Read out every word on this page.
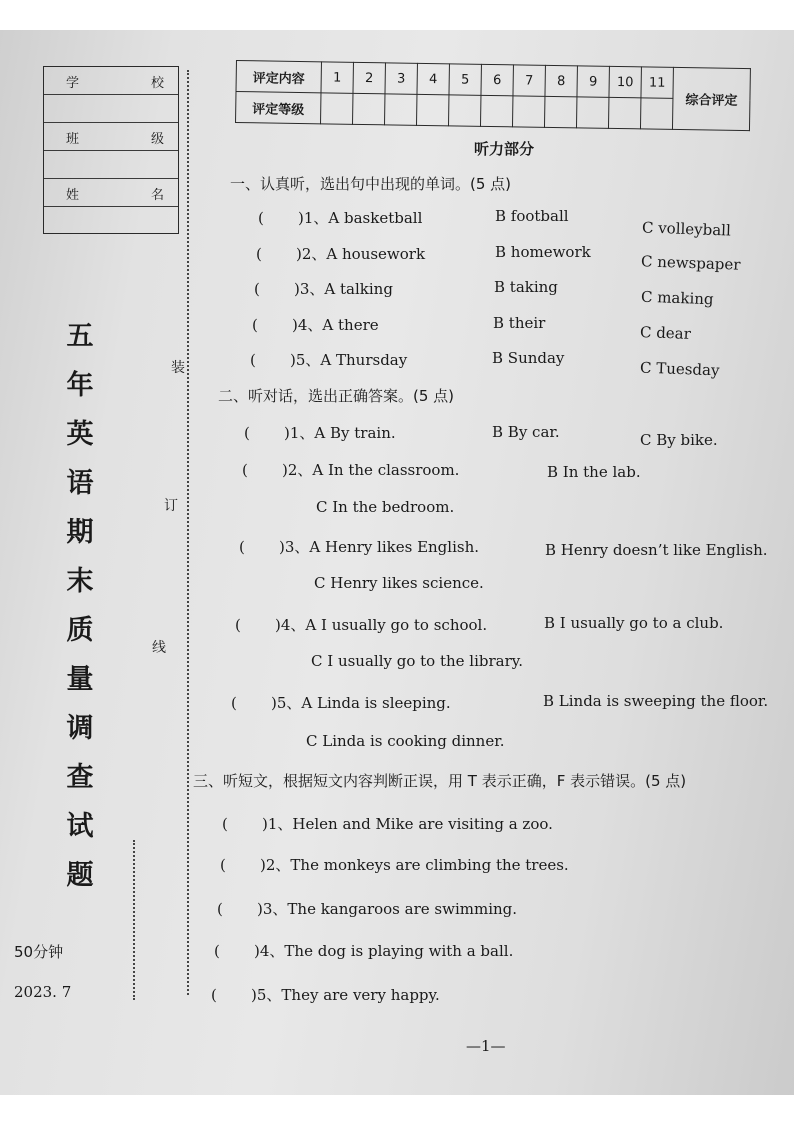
学	校
班	级
姓	名
五
年
英
语
期
末
质
量
调
查
试
题
50分钟
2023. 7
装
订
线
评定内容	1	2	3	4	5	6	7	8	9	10	11	综合评定
评定等级												
听力部分
一、认真听，选出句中出现的单词。(5 点)
( )1、A basketball	B football
C volleyball
( )2、A housework	B homework
C newspaper
( )3、A talking	B taking
C making
( )4、A there	B their
C dear
( )5、A Thursday	B Sunday
C Tuesday
二、听对话，选出正确答案。(5 点)
( )1、A By train.	B By car.	C By bike.
( )2、A In the classroom.	B In the lab.
C In the bedroom.
( )3、A Henry likes English.	B Henry doesn’t like English.
C Henry likes science.
( )4、A I usually go to school.	B I usually go to a club.
C I usually go to the library.
( )5、A Linda is sleeping.	B Linda is sweeping the floor.
C Linda is cooking dinner.
三、听短文，根据短文内容判断正误，用 T 表示正确，F 表示错误。(5 点)
( )1、Helen and Mike are visiting a zoo.
( )2、The monkeys are climbing the trees.
( )3、The kangaroos are swimming.
( )4、The dog is playing with a ball.
( )5、They are very happy.
—1—
